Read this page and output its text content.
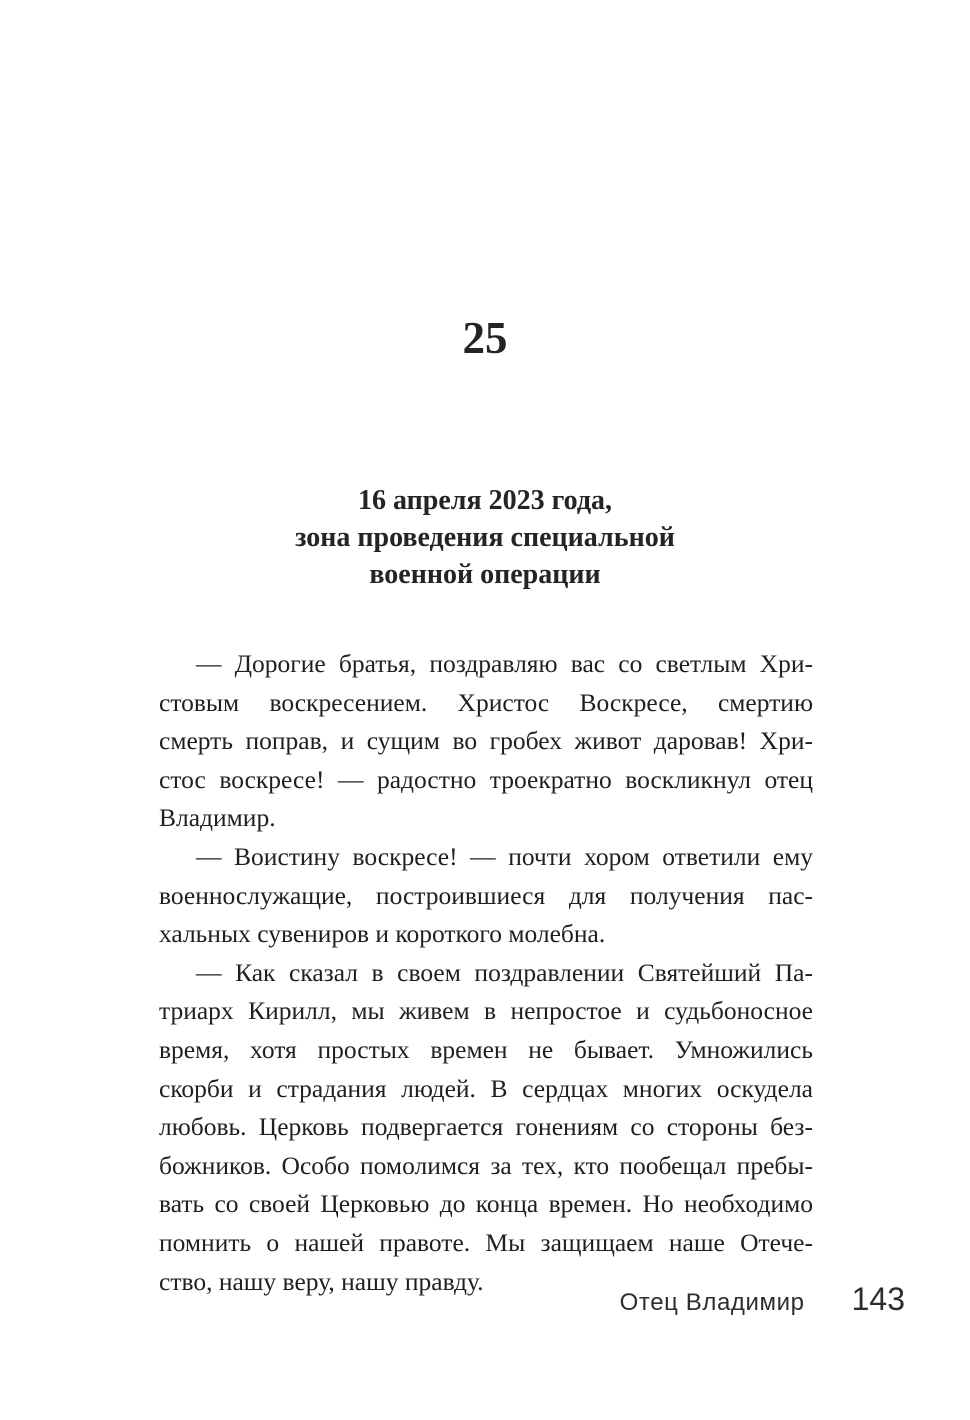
25
16 апреля 2023 года,
зона проведения специальной
военной операции

— Дорогие братья, поздравляю вас со светлым Хри-
стовым воскресением. Христос Воскресе, смертию
смерть поправ, и сущим во гробех живот даровав! Хри-
стос воскресе! — радостно троекратно воскликнул отец
Владимир.

— Воистину воскресе! — почти хором ответили ему
военнослужащие, построившиеся для получения пас-
хальных сувениров и короткого молебна.

— Как сказал в своем поздравлении Святейший Па-
триарх Кирилл, мы живем в непростое и судьбоносное
время, хотя простых времен не бывает. Умножились
скорби и страдания людей. В сердцах многих оскудела
любовь. Церковь подвергается гонениям со стороны без-
божников. Особо помолимся за тех, кто пообещал пребы-
вать со своей Церковью до конца времен. Но необходимо
помнить о нашей правоте. Мы защищаем наше Отече-
ство, нашу веру, нашу правду.

Отец Владимир 143
